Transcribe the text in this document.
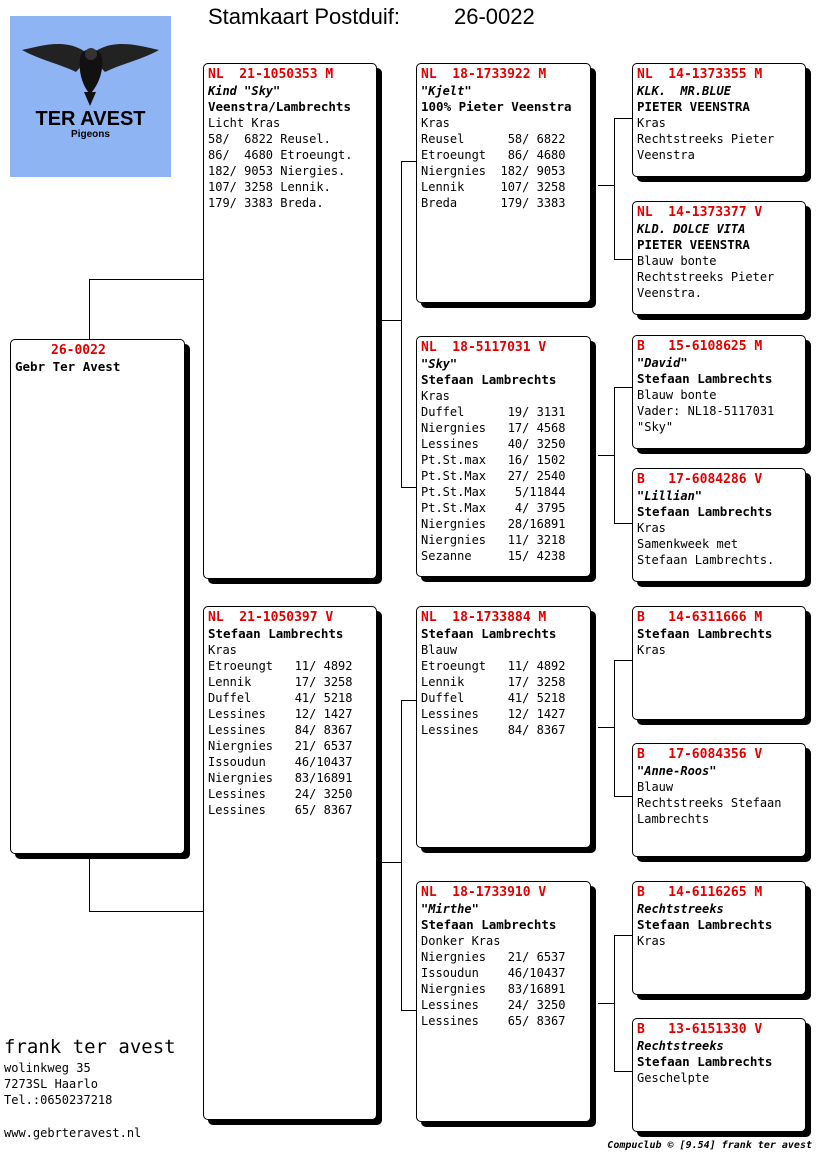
Stamkaart Postduif: 26-0022
TER AVEST
Pigeons
26-0022
Gebr Ter Avest
NL  21-1050353 M
Kind "Sky"
Veenstra/Lambrechts
Licht Kras
58/  6822 Reusel.
86/  4680 Etroeungt.
182/ 9053 Niergies.
107/ 3258 Lennik.
179/ 3383 Breda.
NL  21-1050397 V
Stefaan Lambrechts
Kras
Etroeungt   11/ 4892
Lennik      17/ 3258
Duffel      41/ 5218
Lessines    12/ 1427
Lessines    84/ 8367
Niergnies   21/ 6537
Issoudun    46/10437
Niergnies   83/16891
Lessines    24/ 3250
Lessines    65/ 8367
NL  18-1733922 M
"Kjelt"
100% Pieter Veenstra
Kras
Reusel      58/ 6822
Etroeungt   86/ 4680
Niergnies  182/ 9053
Lennik     107/ 3258
Breda      179/ 3383
NL  18-5117031 V
"Sky"
Stefaan Lambrechts
Kras
Duffel      19/ 3131
Niergnies   17/ 4568
Lessines    40/ 3250
Pt.St.max   16/ 1502
Pt.St.Max   27/ 2540
Pt.St.Max    5/11844
Pt.St.Max    4/ 3795
Niergnies   28/16891
Niergnies   11/ 3218
Sezanne     15/ 4238
NL  18-1733884 M
Stefaan Lambrechts
Blauw
Etroeungt   11/ 4892
Lennik      17/ 3258
Duffel      41/ 5218
Lessines    12/ 1427
Lessines    84/ 8367
NL  18-1733910 V
"Mirthe"
Stefaan Lambrechts
Donker Kras
Niergnies   21/ 6537
Issoudun    46/10437
Niergnies   83/16891
Lessines    24/ 3250
Lessines    65/ 8367
NL  14-1373355 M
KLK.  MR.BLUE
PIETER VEENSTRA
Kras
Rechtstreeks Pieter
Veenstra
NL  14-1373377 V
KLD. DOLCE VITA
PIETER VEENSTRA
Blauw bonte
Rechtstreeks Pieter
Veenstra.
B   15-6108625 M
"David"
Stefaan Lambrechts
Blauw bonte
Vader: NL18-5117031
"Sky"
B   17-6084286 V
"Lillian"
Stefaan Lambrechts
Kras
Samenkweek met
Stefaan Lambrechts.
B   14-6311666 M
Stefaan Lambrechts
Kras
B   17-6084356 V
"Anne-Roos"
Blauw
Rechtstreeks Stefaan
Lambrechts
B   14-6116265 M
Rechtstreeks
Stefaan Lambrechts
Kras
B   13-6151330 V
Rechtstreeks
Stefaan Lambrechts
Geschelpte
frank ter avest
wolinkweg 35
7273SL Haarlo
Tel.:0650237218
www.gebrteravest.nl
Compuclub © [9.54] frank ter avest
